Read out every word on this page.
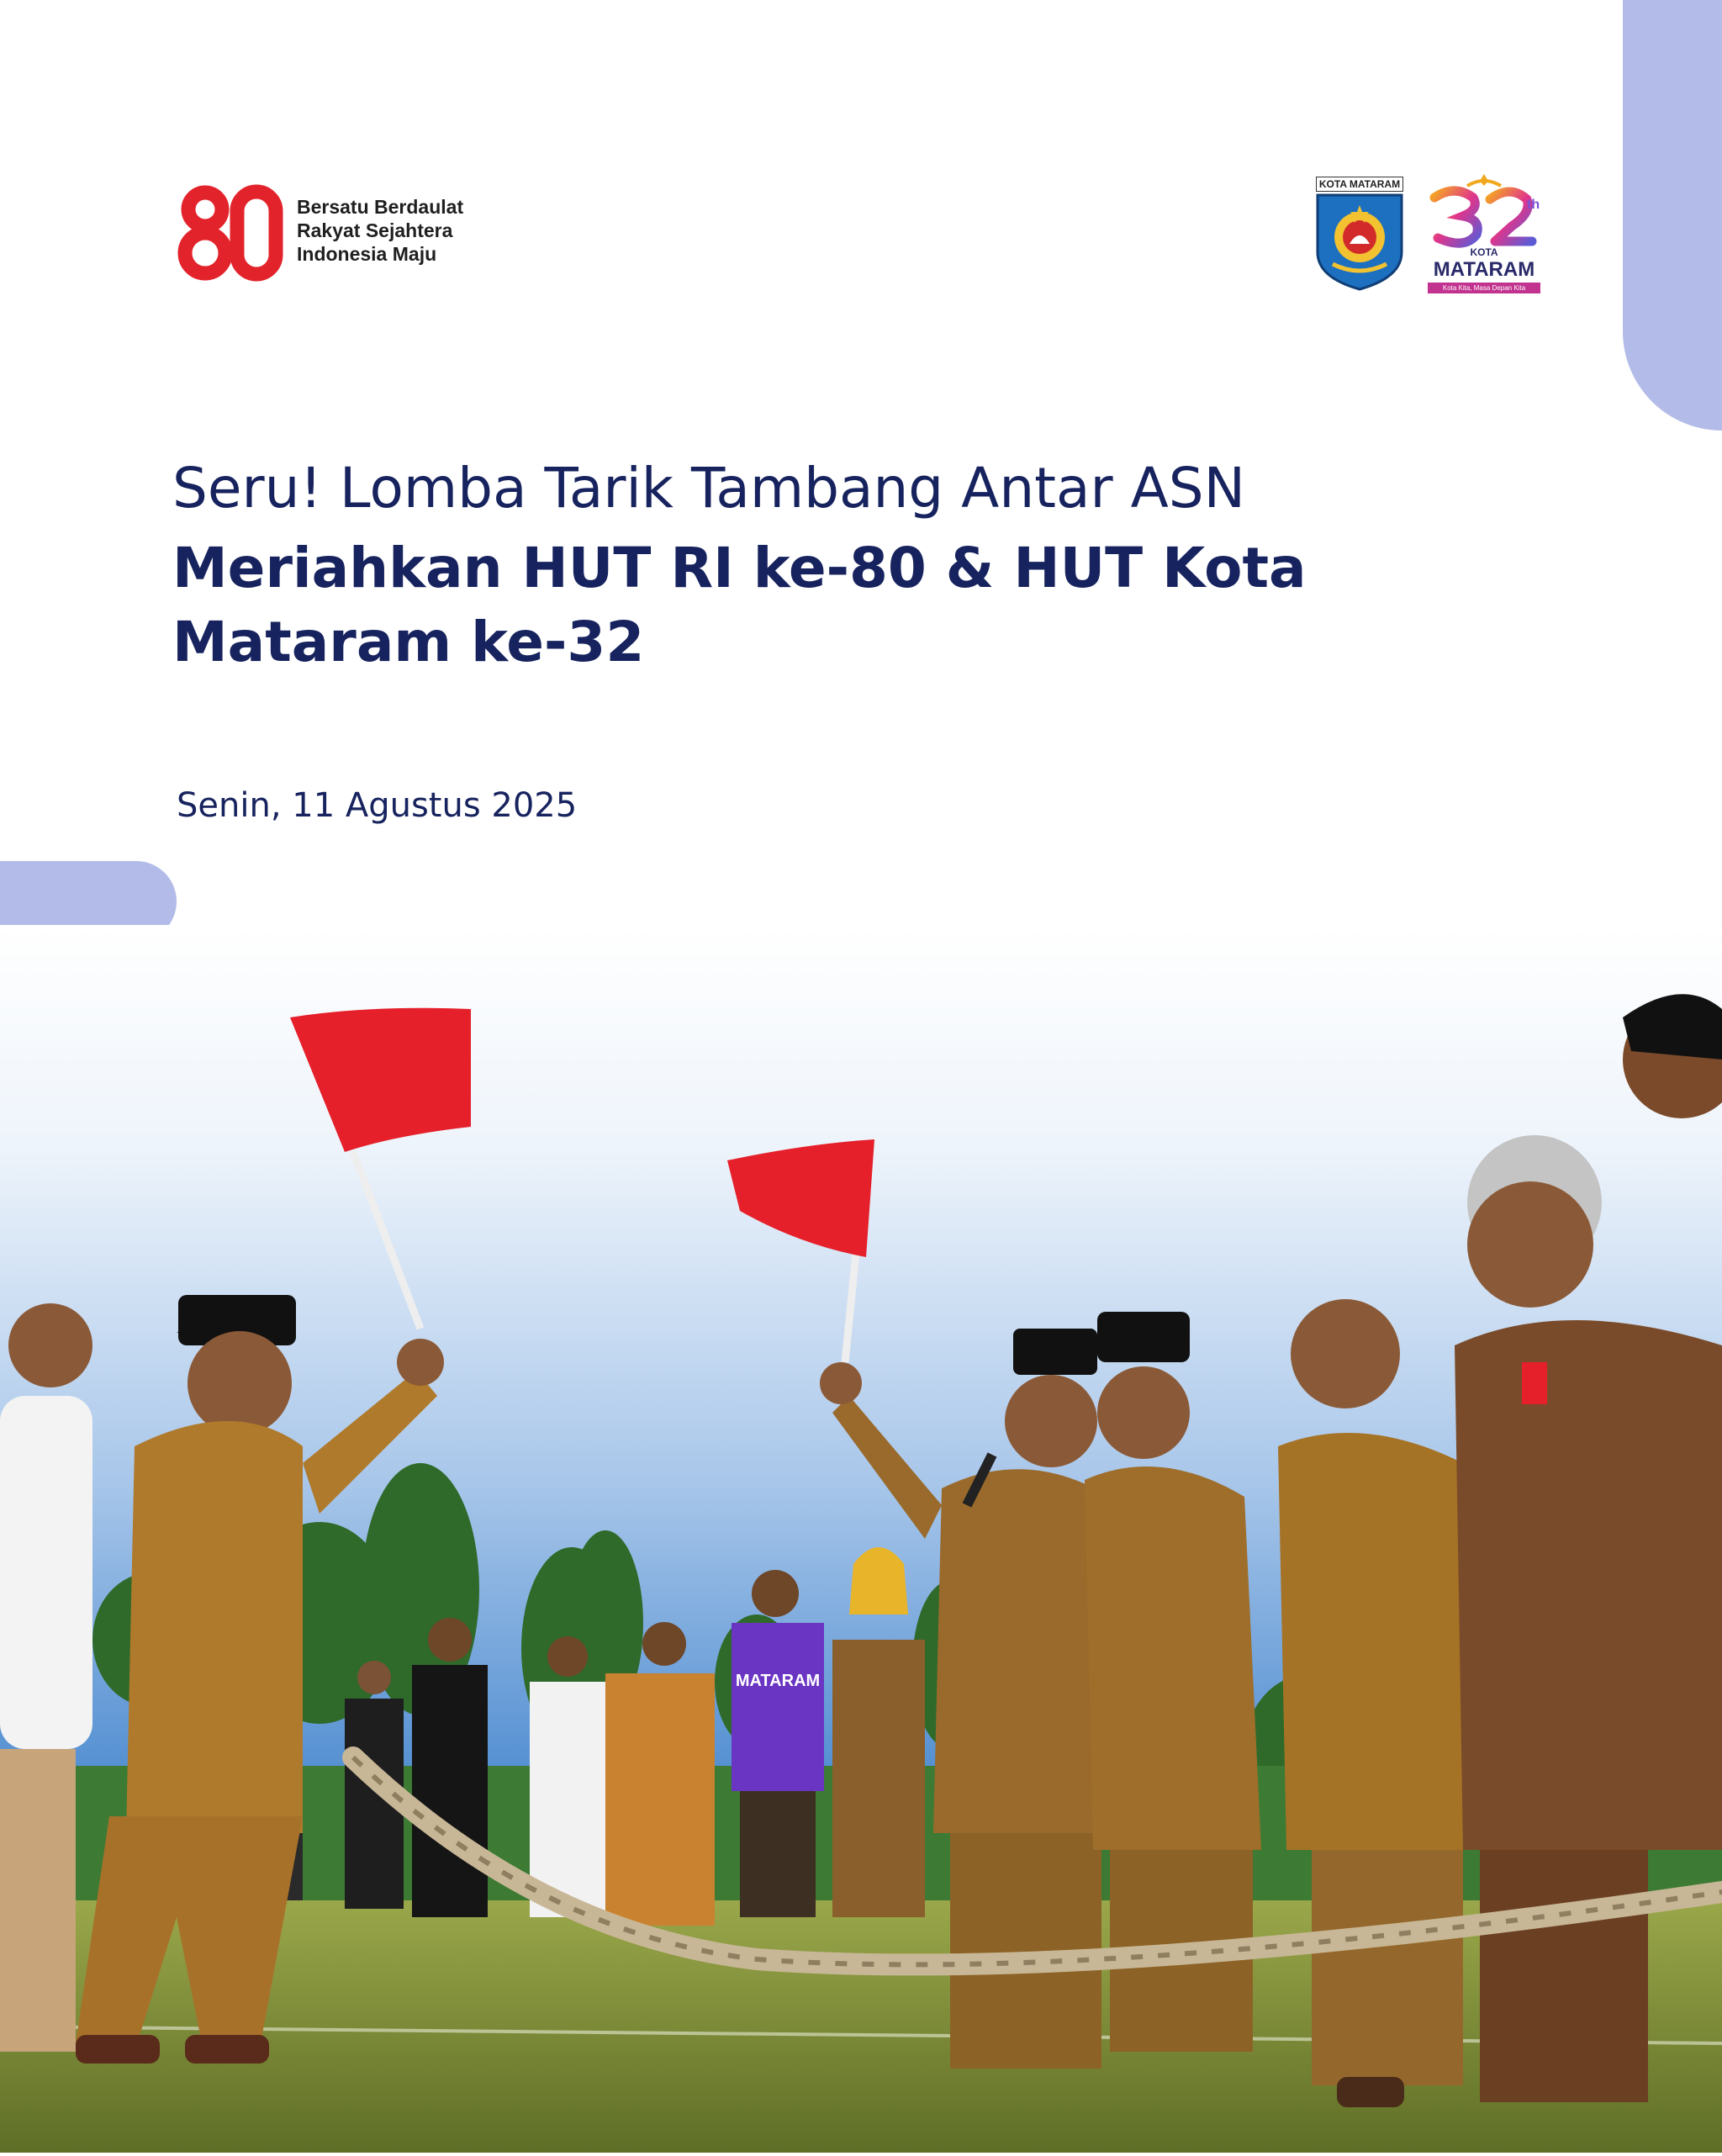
80
Bersatu Berdaulat
Rakyat Sejahtera
Indonesia Maju
KOTA MATARAM
th
KOTA
MATARAM
Kota Kita, Masa Depan Kita
Seru! Lomba Tarik Tambang Antar ASN
Meriahkan HUT RI ke-80 & HUT Kota
Mataram ke-32
Senin, 11 Agustus 2025
MATARAM
